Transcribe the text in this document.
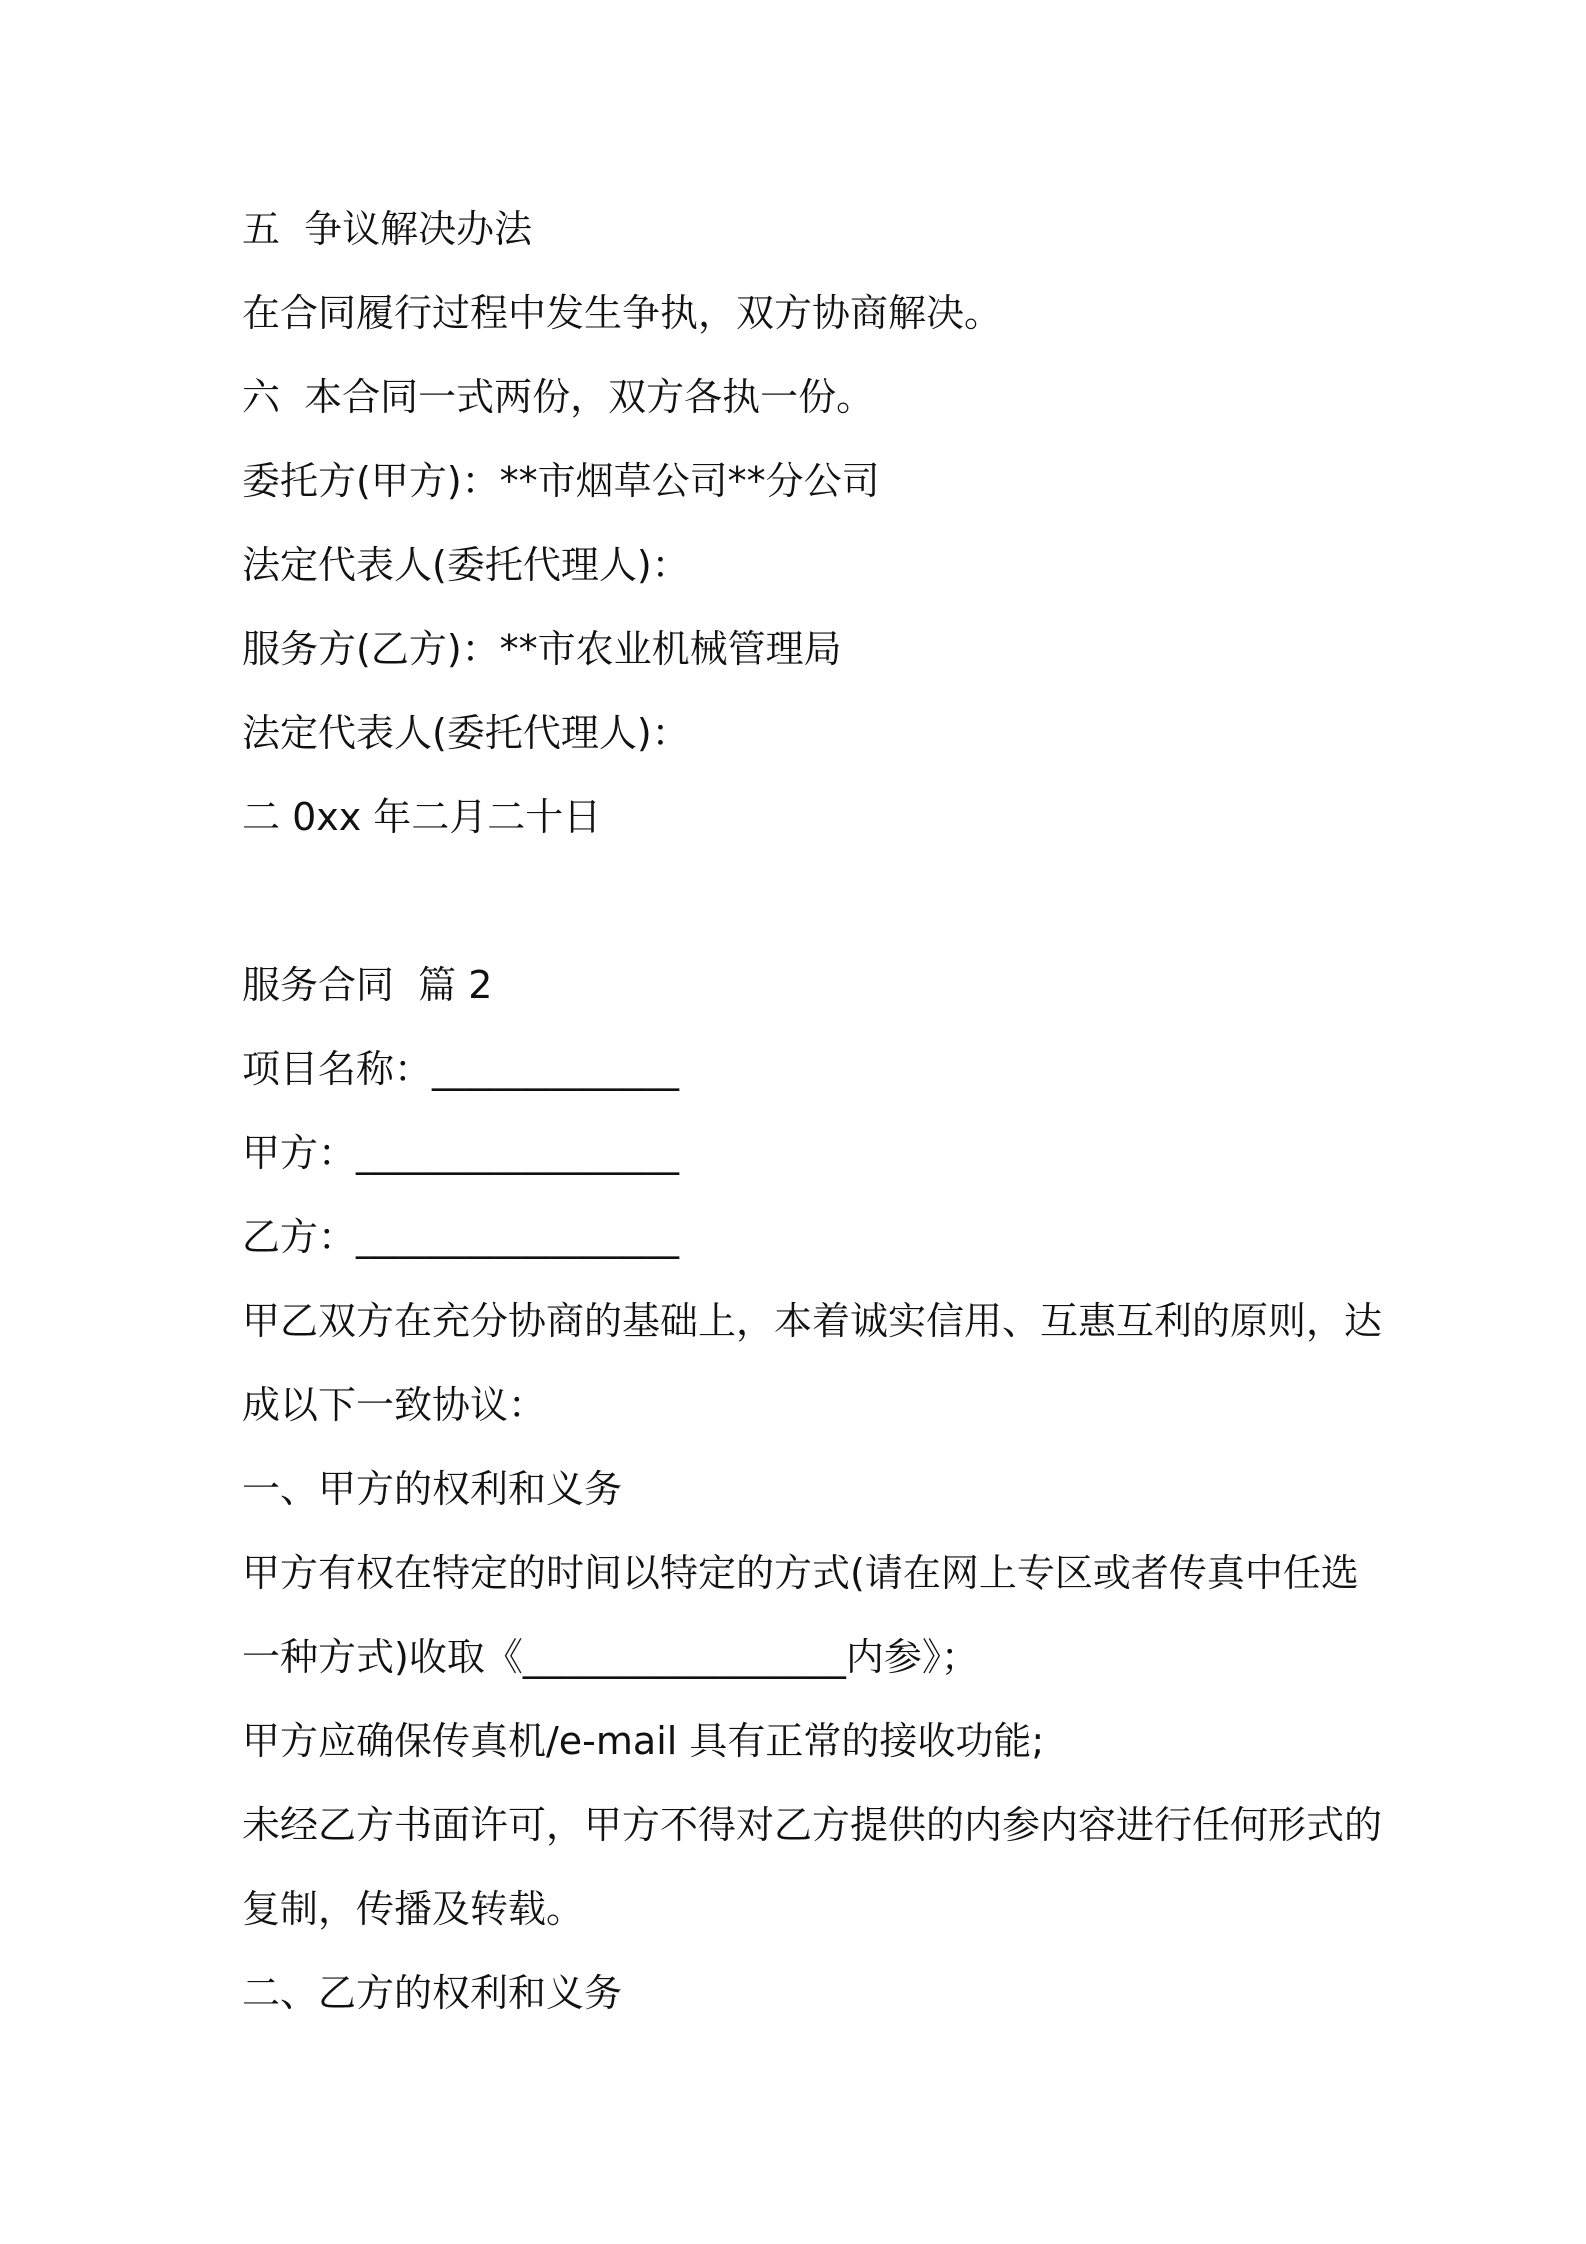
五  争议解决办法
在合同履行过程中发生争执，双方协商解决。
六  本合同一式两份，双方各执一份。
委托方(甲方)：**市烟草公司**分公司
法定代表人(委托代理人)：
服务方(乙方)：**市农业机械管理局
法定代表人(委托代理人)：
二 0xx 年二月二十日
服务合同  篇 2
项目名称：_____________
甲方：_________________
乙方：_________________
甲乙双方在充分协商的基础上，本着诚实信用、互惠互利的原则，达
成以下一致协议：
一、甲方的权利和义务
甲方有权在特定的时间以特定的方式(请在网上专区或者传真中任选
一种方式)收取《_________________内参》；
甲方应确保传真机/e-mail 具有正常的接收功能;
未经乙方书面许可，甲方不得对乙方提供的内参内容进行任何形式的
复制，传播及转载。
二、乙方的权利和义务
